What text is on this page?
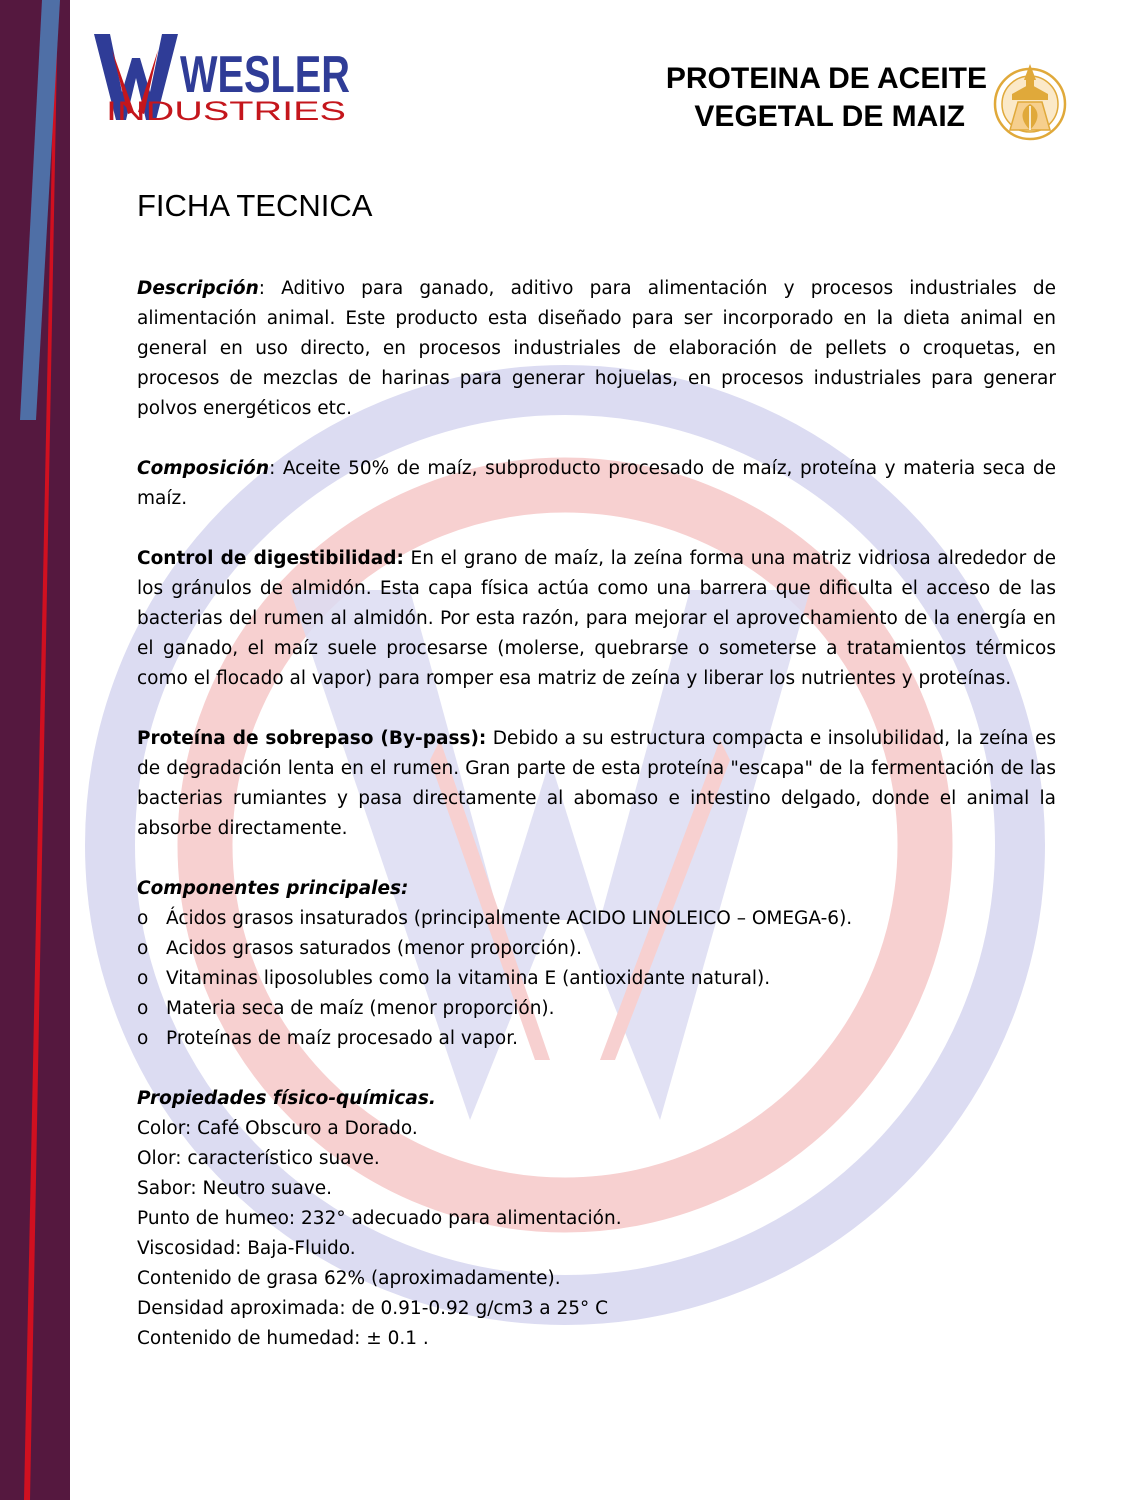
WESLER
INDUSTRIES
PROTEINA DE ACEITE
VEGETAL DE MAIZ
FICHA TECNICA

Descripción: Aditivo para ganado, aditivo para alimentación y procesos industriales de alimentación animal. Este producto esta diseñado para ser incorporado en la dieta animal en general en uso directo, en procesos industriales de elaboración de pellets o croquetas, en procesos de mezclas de harinas para generar hojuelas, en procesos industriales para generar polvos energéticos etc.

Composición: Aceite 50% de maíz, subproducto procesado de maíz, proteína y materia seca de maíz.

Control de digestibilidad: En el grano de maíz, la zeína forma una matriz vidriosa alrededor de los gránulos de almidón. Esta capa física actúa como una barrera que dificulta el acceso de las bacterias del rumen al almidón. Por esta razón, para mejorar el aprovechamiento de la energía en el ganado, el maíz suele procesarse (molerse, quebrarse o someterse a tratamientos térmicos como el flocado al vapor) para romper esa matriz de zeína y liberar los nutrientes y proteínas.

Proteína de sobrepaso (By-pass): Debido a su estructura compacta e insolubilidad, la zeína es de degradación lenta en el rumen. Gran parte de esta proteína "escapa" de la fermentación de las bacterias rumiantes y pasa directamente al abomaso e intestino delgado, donde el animal la absorbe directamente.

Componentes principales:
o Ácidos grasos insaturados (principalmente ACIDO LINOLEICO – OMEGA-6).
o Acidos grasos saturados (menor proporción).
o Vitaminas liposolubles como la vitamina E (antioxidante natural).
o Materia seca de maíz (menor proporción).
o Proteínas de maíz procesado al vapor.
Propiedades físico-químicas.
Color: Café Obscuro a Dorado.
Olor: característico suave.
Sabor: Neutro suave.
Punto de humeo: 232° adecuado para alimentación.
Viscosidad: Baja-Fluido.
Contenido de grasa 62% (aproximadamente).
Densidad aproximada: de 0.91-0.92 g/cm3 a 25° C
Contenido de humedad: ± 0.1 .
